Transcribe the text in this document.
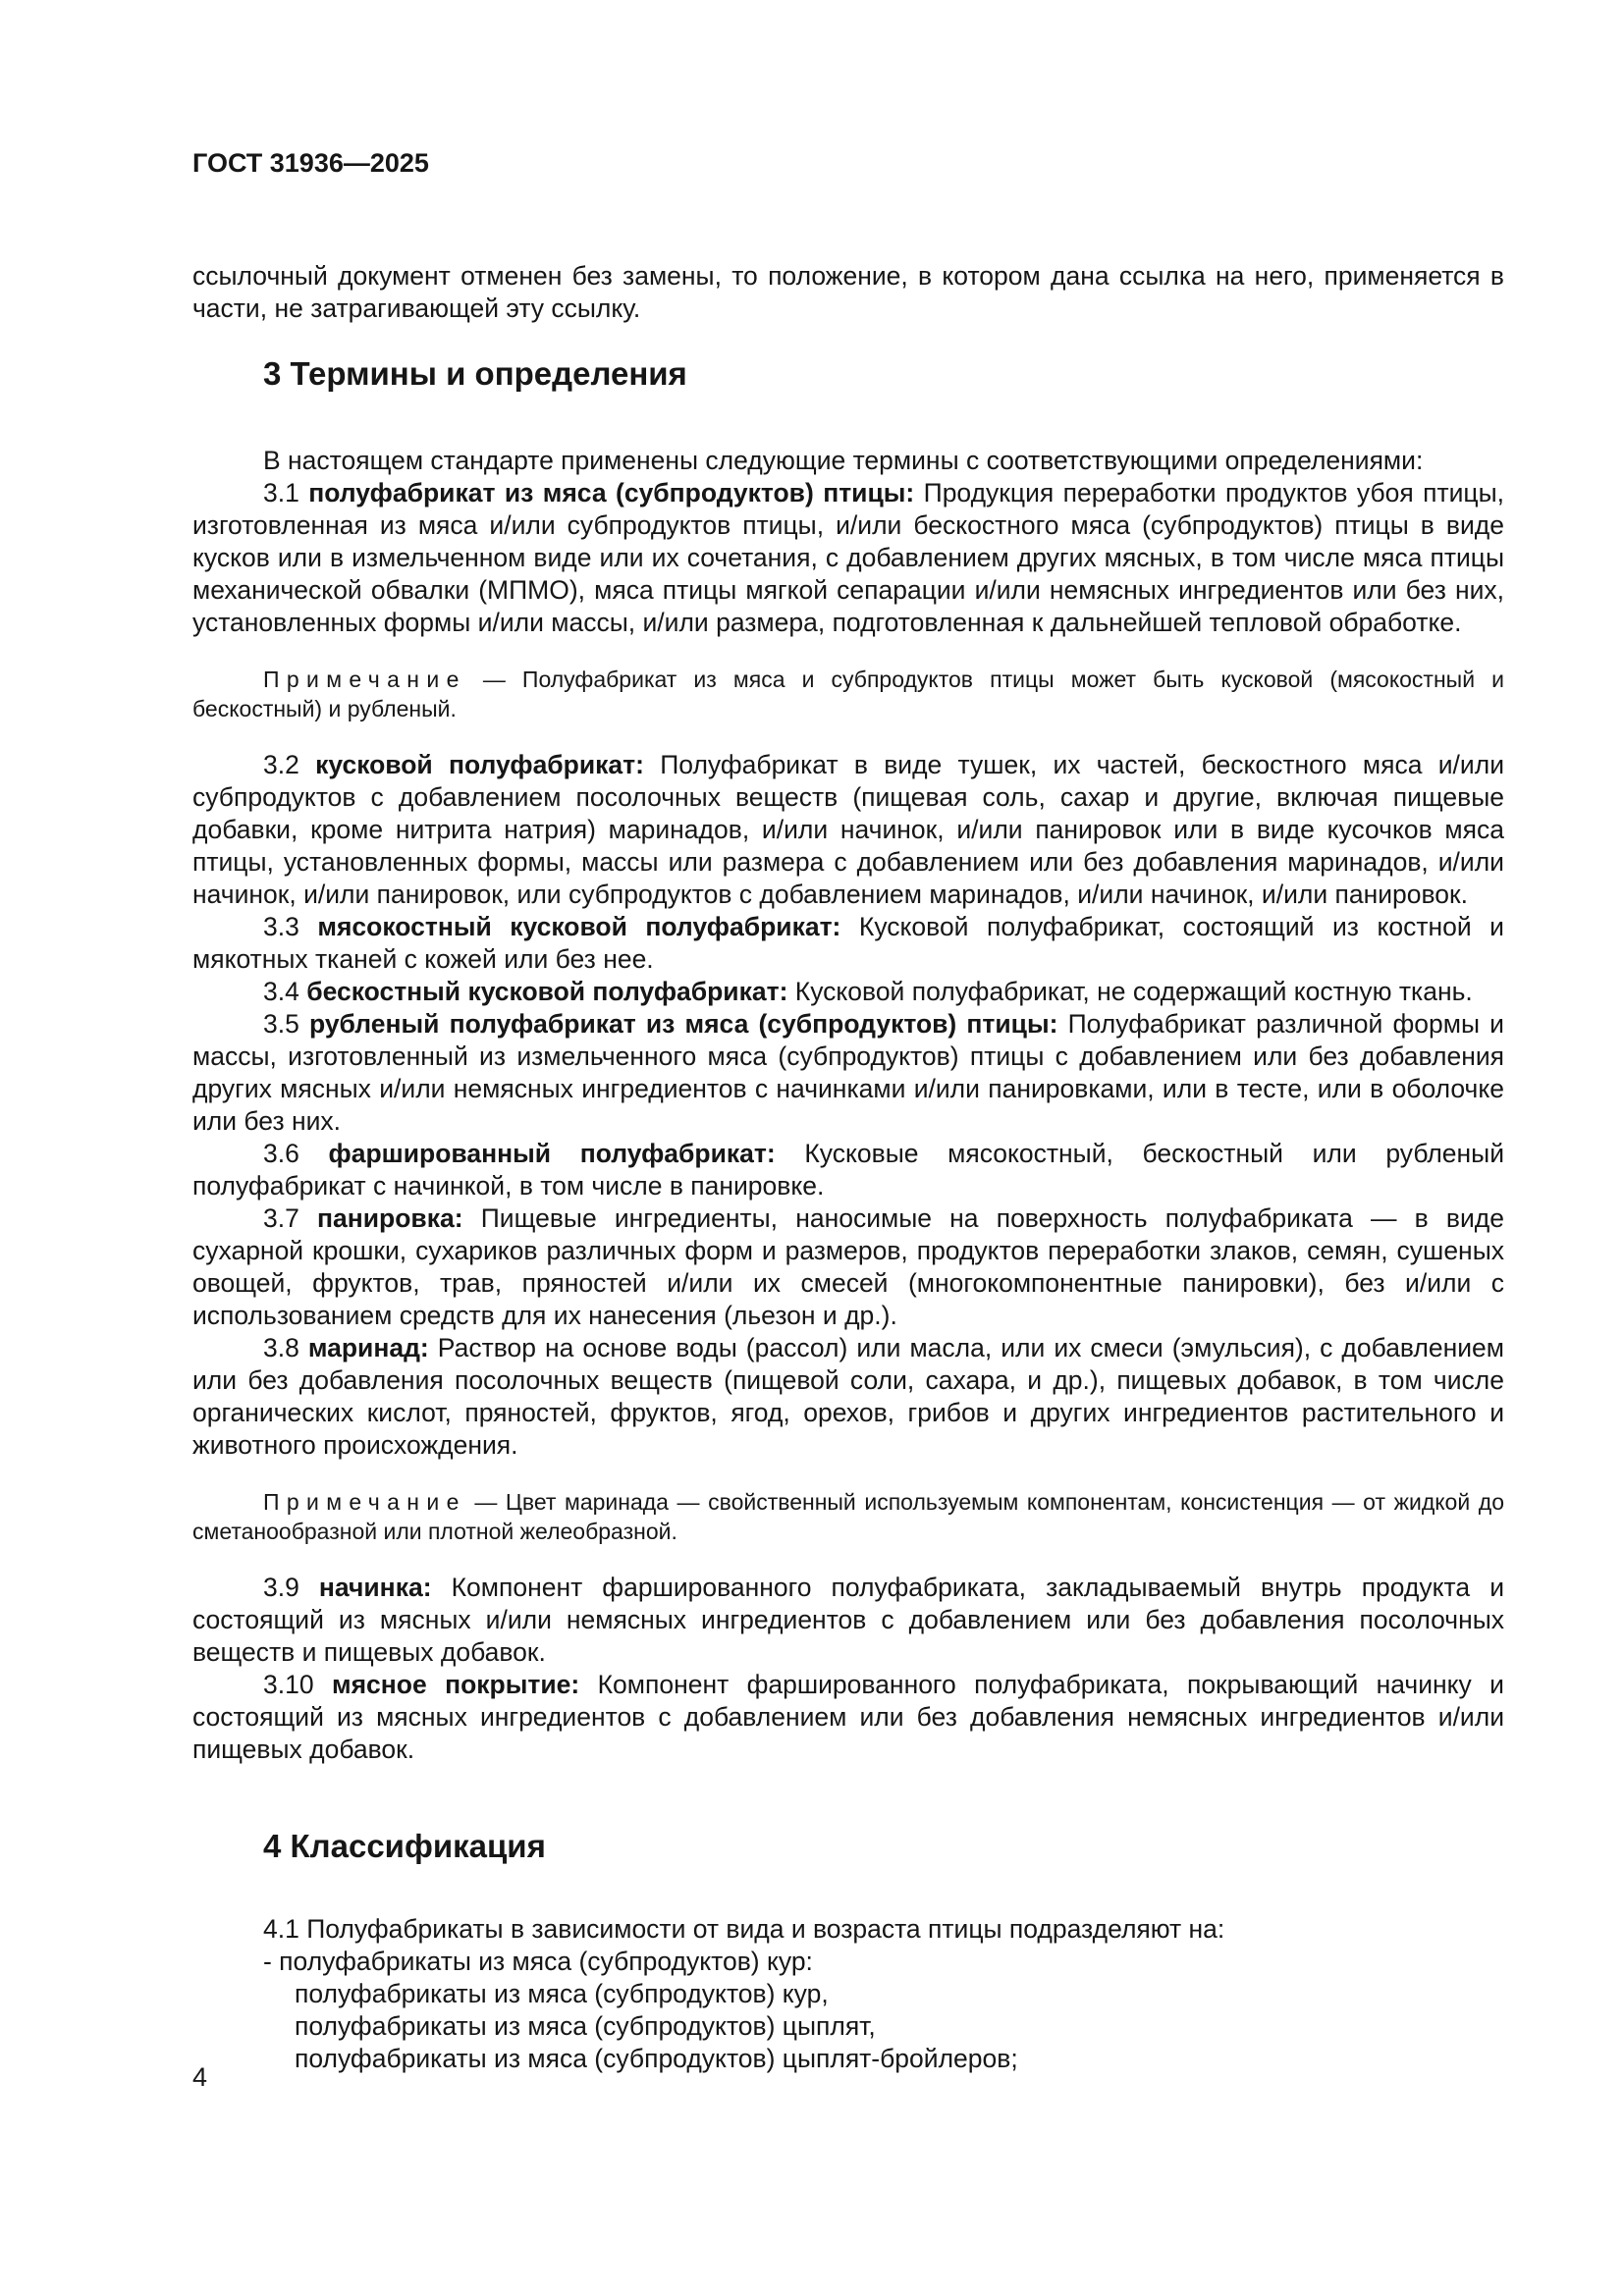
ГОСТ 31936—2025

ссылочный документ отменен без замены, то положение, в котором дана ссылка на него, применяется в части, не затрагивающей эту ссылку.

3 Термины и определения

В настоящем стандарте применены следующие термины с соответствующими определениями:

3.1 полуфабрикат из мяса (субпродуктов) птицы: Продукция переработки продуктов убоя птицы, изготовленная из мяса и/или субпродуктов птицы, и/или бескостного мяса (субпродуктов) птицы в виде кусков или в измельченном виде или их сочетания, с добавлением других мясных, в том числе мяса птицы механической обвалки (МПМО), мяса птицы мягкой сепарации и/или немясных ингредиентов или без них, установленных формы и/или массы, и/или размера, подготовленная к дальнейшей тепловой обработке.

Примечание — Полуфабрикат из мяса и субпродуктов птицы может быть кусковой (мясокостный и бескостный) и рубленый.

3.2 кусковой полуфабрикат: Полуфабрикат в виде тушек, их частей, бескостного мяса и/или субпродуктов с добавлением посолочных веществ (пищевая соль, сахар и другие, включая пищевые добавки, кроме нитрита натрия) маринадов, и/или начинок, и/или панировок или в виде кусочков мяса птицы, установленных формы, массы или размера с добавлением или без добавления маринадов, и/или начинок, и/или панировок, или субпродуктов с добавлением маринадов, и/или начинок, и/или панировок.

3.3 мясокостный кусковой полуфабрикат: Кусковой полуфабрикат, состоящий из костной и мякотных тканей с кожей или без нее.

3.4 бескостный кусковой полуфабрикат: Кусковой полуфабрикат, не содержащий костную ткань.

3.5 рубленый полуфабрикат из мяса (субпродуктов) птицы: Полуфабрикат различной формы и массы, изготовленный из измельченного мяса (субпродуктов) птицы с добавлением или без добавления других мясных и/или немясных ингредиентов с начинками и/или панировками, или в тесте, или в оболочке или без них.

3.6 фаршированный полуфабрикат: Кусковые мясокостный, бескостный или рубленый полуфабрикат с начинкой, в том числе в панировке.

3.7 панировка: Пищевые ингредиенты, наносимые на поверхность полуфабриката — в виде сухарной крошки, сухариков различных форм и размеров, продуктов переработки злаков, семян, сушеных овощей, фруктов, трав, пряностей и/или их смесей (многокомпонентные панировки), без и/или с использованием средств для их нанесения (льезон и др.).

3.8 маринад: Раствор на основе воды (рассол) или масла, или их смеси (эмульсия), с добавлением или без добавления посолочных веществ (пищевой соли, сахара, и др.), пищевых добавок, в том числе органических кислот, пряностей, фруктов, ягод, орехов, грибов и других ингредиентов растительного и животного происхождения.

Примечание — Цвет маринада — свойственный используемым компонентам, консистенция — от жидкой до сметанообразной или плотной желеобразной.

3.9 начинка: Компонент фаршированного полуфабриката, закладываемый внутрь продукта и состоящий из мясных и/или немясных ингредиентов с добавлением или без добавления посолочных веществ и пищевых добавок.

3.10 мясное покрытие: Компонент фаршированного полуфабриката, покрывающий начинку и состоящий из мясных ингредиентов с добавлением или без добавления немясных ингредиентов и/или пищевых добавок.

4 Классификация

4.1 Полуфабрикаты в зависимости от вида и возраста птицы подразделяют на:

- полуфабрикаты из мяса (субпродуктов) кур:
полуфабрикаты из мяса (субпродуктов) кур,
полуфабрикаты из мяса (субпродуктов) цыплят,
полуфабрикаты из мяса (субпродуктов) цыплят-бройлеров;
4
